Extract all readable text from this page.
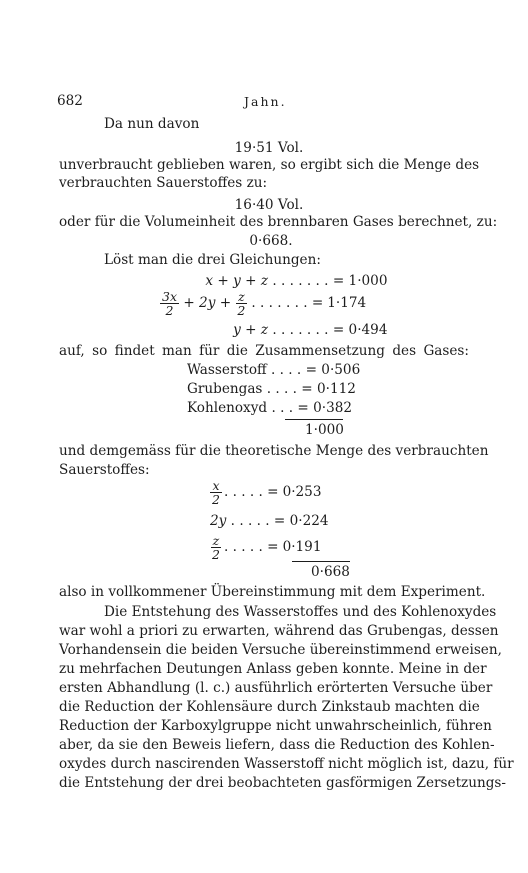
682	Jahn.
Da nun davon
19·51 Vol.
unverbraucht geblieben waren, so ergibt sich die Menge des
verbrauchten Sauerstoffes zu:
16·40 Vol.
oder für die Volumeinheit des brennbaren Gases berechnet, zu:
0·668.
Löst man die drei Gleichungen:
x + y + z . . . . . . . = 1·000
$\frac{3x}{2} + 2y + \frac{z}{2}$ . . . . . . . = 1·174
y + z . . . . . . . = 0·494
auf, so findet man für die Zusammensetzung des Gases:
Wasserstoff . . . . = 0·506
Grubengas . . . . = 0·112
Kohlenoxyd . . . = 0·382
1·000
und demgemäss für die theoretische Menge des verbrauchten
Sauerstoffes:
$\frac{x}{2}$ . . . . . = 0·253
2y . . . . . = 0·224
$\frac{z}{2}$ . . . . . = 0·191
0·668
also in vollkommener Übereinstimmung mit dem Experiment.
Die Entstehung des Wasserstoffes und des Kohlenoxydes
war wohl a priori zu erwarten, während das Grubengas, dessen
Vorhandensein die beiden Versuche übereinstimmend erweisen,
zu mehrfachen Deutungen Anlass geben konnte. Meine in der
ersten Abhandlung (l. c.) ausführlich erörterten Versuche über
die Reduction der Kohlensäure durch Zinkstaub machten die
Reduction der Karboxylgruppe nicht unwahrscheinlich, führen
aber, da sie den Beweis liefern, dass die Reduction des Kohlen-
oxydes durch nascirenden Wasserstoff nicht möglich ist, dazu, für
die Entstehung der drei beobachteten gasförmigen Zersetzungs-
